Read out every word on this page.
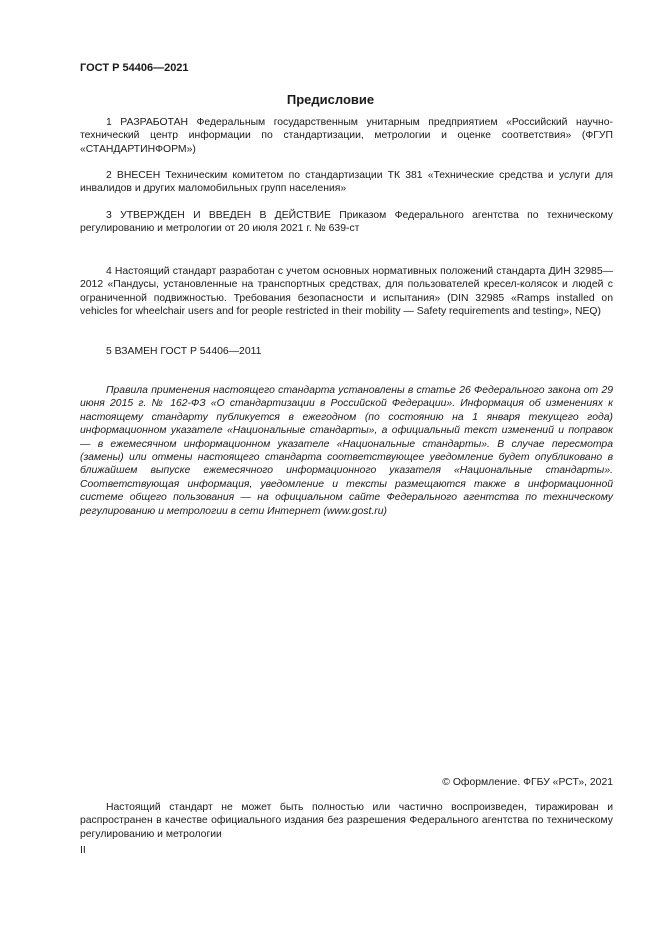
ГОСТ Р 54406—2021
Предисловие
1 РАЗРАБОТАН Федеральным государственным унитарным предприятием «Российский научно-технический центр информации по стандартизации, метрологии и оценке соответствия» (ФГУП «СТАНДАРТИНФОРМ»)
2 ВНЕСЕН Техническим комитетом по стандартизации ТК 381 «Технические средства и услуги для инвалидов и других маломобильных групп населения»
3 УТВЕРЖДЕН И ВВЕДЕН В ДЕЙСТВИЕ Приказом Федерального агентства по техническому регулированию и метрологии от 20 июля 2021 г. № 639-ст
4 Настоящий стандарт разработан с учетом основных нормативных положений стандарта ДИН 32985—2012 «Пандусы, установленные на транспортных средствах, для пользователей кресел-колясок и людей с ограниченной подвижностью. Требования безопасности и испытания» (DIN 32985 «Ramps installed on vehicles for wheelchair users and for people restricted in their mobility — Safety requirements and testing», NEQ)
5 ВЗАМЕН ГОСТ Р 54406—2011
Правила применения настоящего стандарта установлены в статье 26 Федерального закона от 29 июня 2015 г. № 162-ФЗ «О стандартизации в Российской Федерации». Информация об изменениях к настоящему стандарту публикуется в ежегодном (по состоянию на 1 января текущего года) информационном указателе «Национальные стандарты», а официальный текст изменений и поправок — в ежемесячном информационном указателе «Национальные стандарты». В случае пересмотра (замены) или отмены настоящего стандарта соответствующее уведомление будет опубликовано в ближайшем выпуске ежемесячного информационного указателя «Национальные стандарты». Соответствующая информация, уведомление и тексты размещаются также в информационной системе общего пользования — на официальном сайте Федерального агентства по техническому регулированию и метрологии в сети Интернет (www.gost.ru)
© Оформление. ФГБУ «РСТ», 2021
Настоящий стандарт не может быть полностью или частично воспроизведен, тиражирован и распространен в качестве официального издания без разрешения Федерального агентства по техническому регулированию и метрологии
II
